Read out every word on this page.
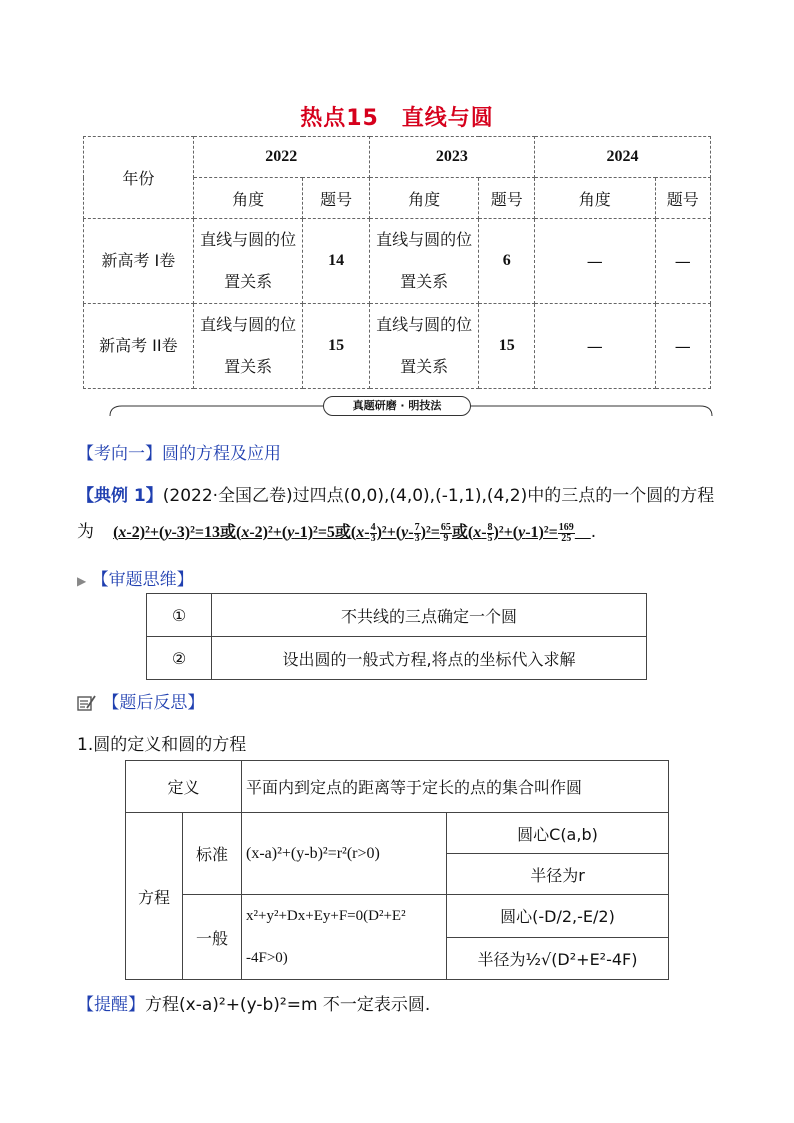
热点15　直线与圆
年份	2022		2023		2024	
	角度	题号	角度	题号	角度	题号
新高考 I卷	直线与圆的位置关系	14	直线与圆的位置关系	6	—	—
新高考 II卷	直线与圆的位置关系	15	直线与圆的位置关系	15	—	—
真题研磨 · 明技法
【考向一】圆的方程及应用
【典例 1】(2022·全国乙卷)过四点(0,0),(4,0),(-1,1),(4,2)中的三点的一个圆的方程
为 (x-2)²+(y-3)²=13或(x-2)²+(y-1)²=5或$(x- \frac{4}{3} )^2+(y- \frac{7}{3} )^2= \frac{65}{9}$ 或$(x- \frac{8}{5} )^2+(y-1)^2= \frac{169}{25}$ .
▶ 【审题思维】
①	不共线的三点确定一个圆
②	设出圆的一般式方程,将点的坐标代入求解
【题后反思】
1.圆的定义和圆的方程
定义		平面内到定点的距离等于定长的点的集合叫作圆	
方程	标准	(x-a)²+(y-b)²=r²(r>0)	圆心C(a,b)
			半径为r
	一般	x²+y²+Dx+Ey+F=0(D²+E²
-4F>0)	圆心(-D/2,-E/2)
			半径为½√(D²+E²-4F)
【提醒】方程(x-a)²+(y-b)²=m 不一定表示圆.
